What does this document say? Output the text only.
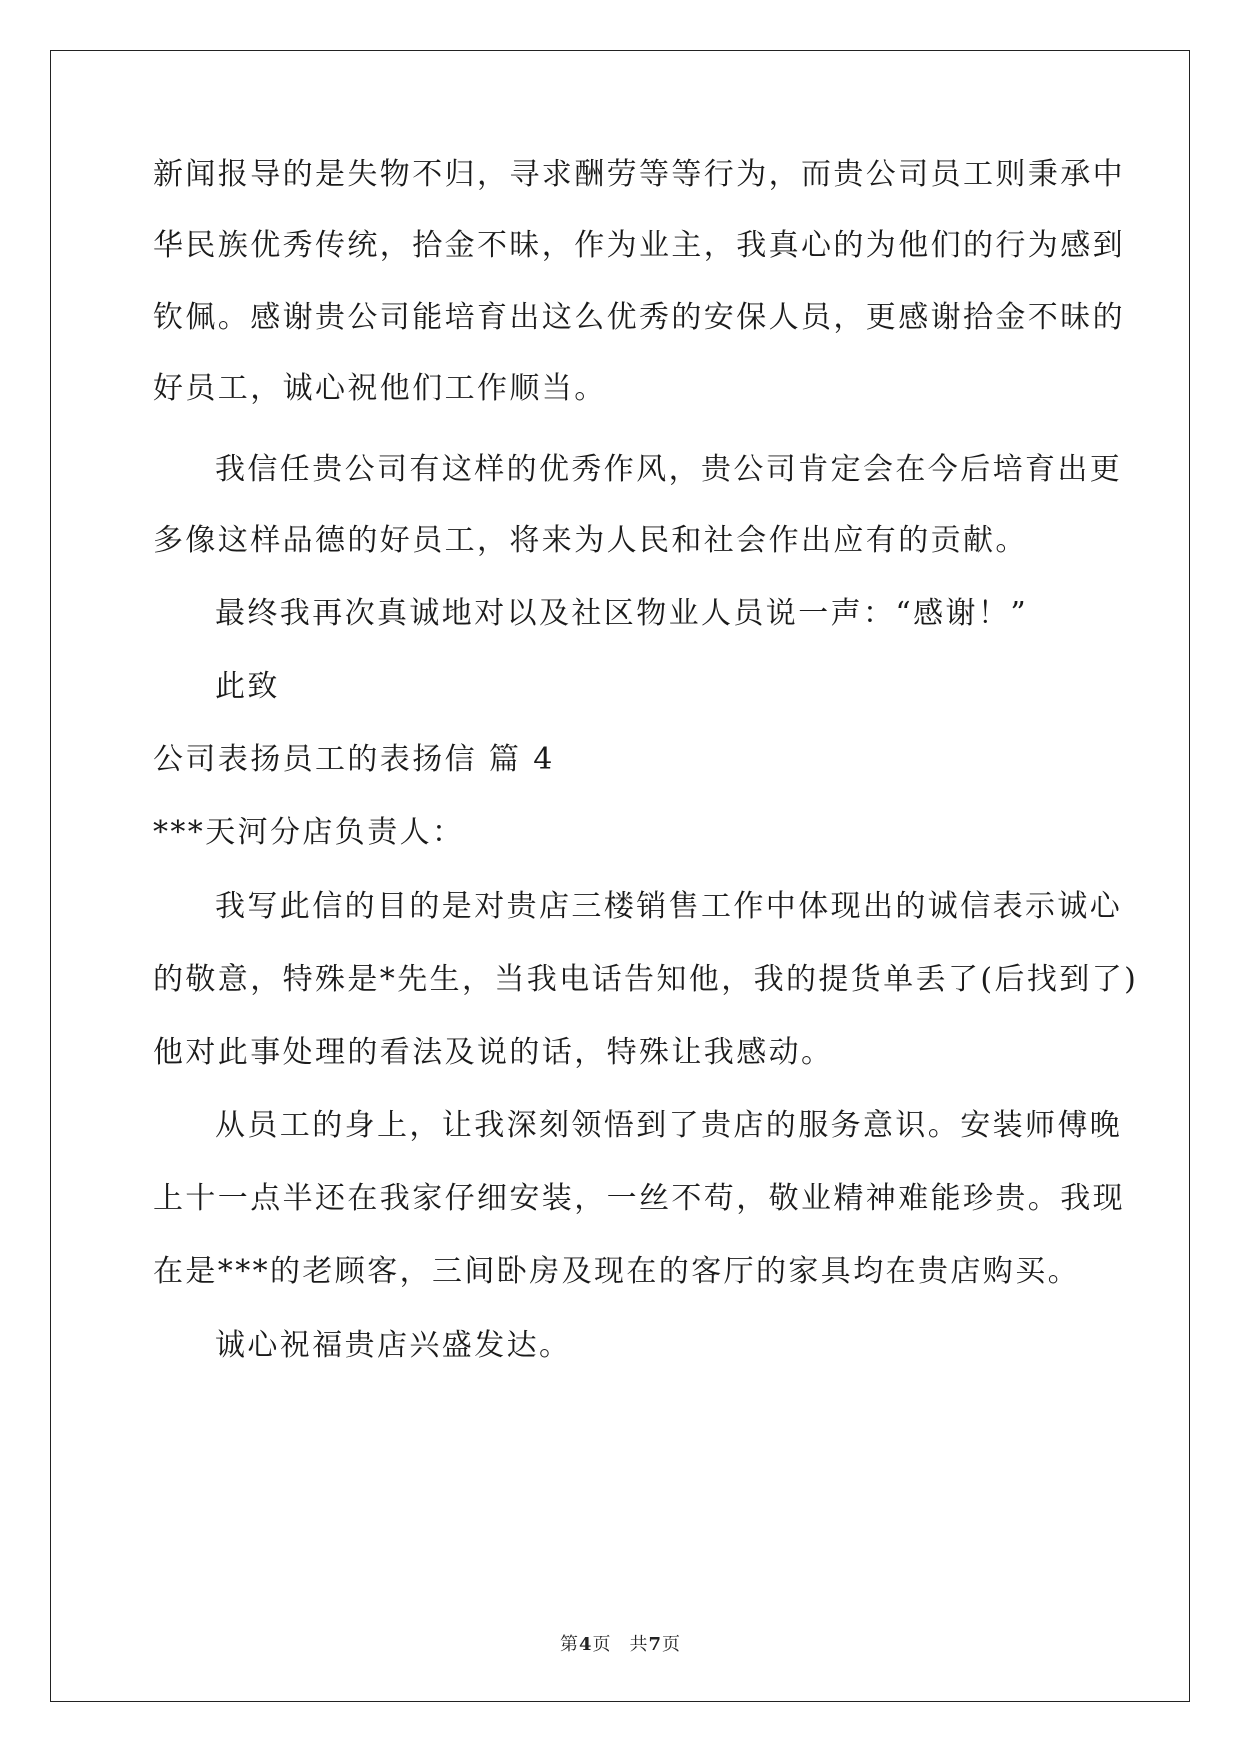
新闻报导的是失物不归，寻求酬劳等等行为，而贵公司员工则秉承中
华民族优秀传统，拾金不昧，作为业主，我真心的为他们的行为感到
钦佩。感谢贵公司能培育出这么优秀的安保人员，更感谢拾金不昧的
好员工，诚心祝他们工作顺当。
我信任贵公司有这样的优秀作风，贵公司肯定会在今后培育出更
多像这样品德的好员工，将来为人民和社会作出应有的贡献。
最终我再次真诚地对以及社区物业人员说一声：“感谢！”
此致
公司表扬员工的表扬信 篇 4
***天河分店负责人：
我写此信的目的是对贵店三楼销售工作中体现出的诚信表示诚心
的敬意，特殊是*先生，当我电话告知他，我的提货单丢了(后找到了)
他对此事处理的看法及说的话，特殊让我感动。
从员工的身上，让我深刻领悟到了贵店的服务意识。安装师傅晚
上十一点半还在我家仔细安装，一丝不苟，敬业精神难能珍贵。我现
在是***的老顾客，三间卧房及现在的客厅的家具均在贵店购买。
诚心祝福贵店兴盛发达。
第4页 共7页
